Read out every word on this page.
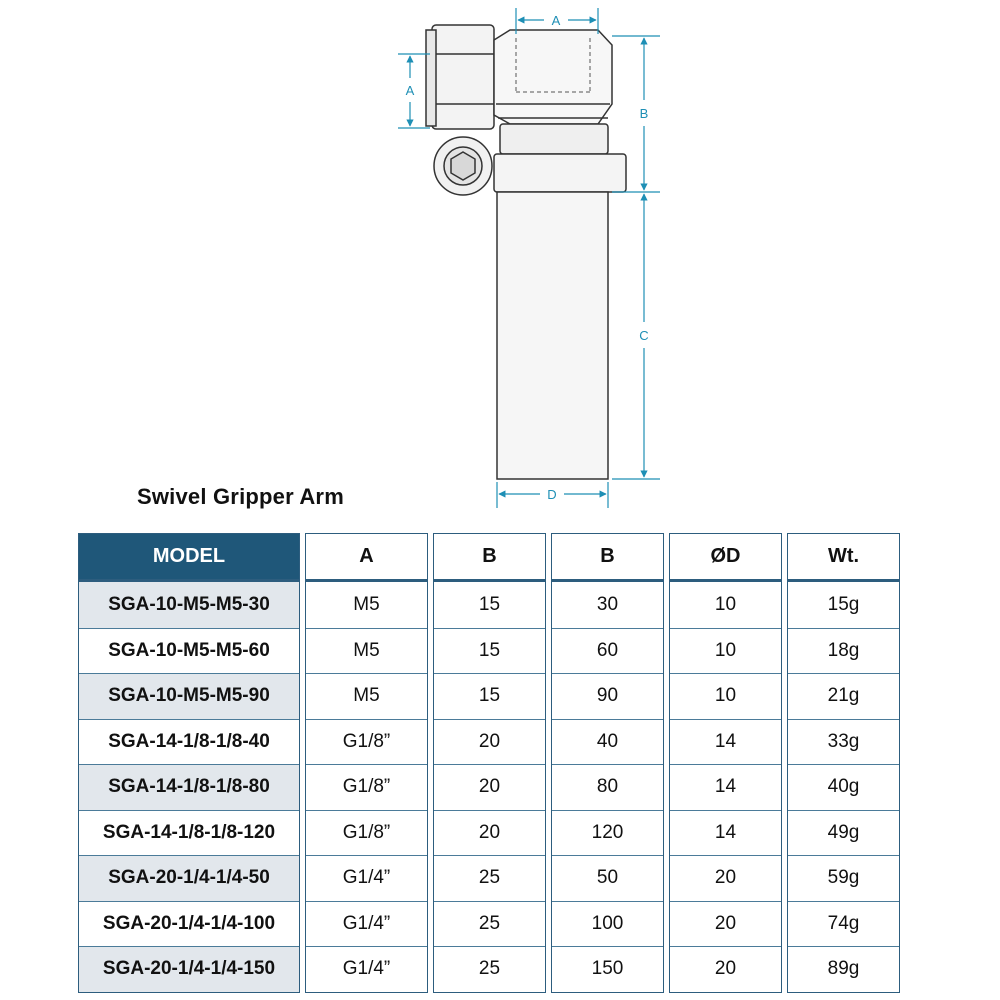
A
A
B
C
D
Swivel Gripper Arm
MODEL
SGA-10-M5-M5-30
SGA-10-M5-M5-60
SGA-10-M5-M5-90
SGA-14-1/8-1/8-40
SGA-14-1/8-1/8-80
SGA-14-1/8-1/8-120
SGA-20-1/4-1/4-50
SGA-20-1/4-1/4-100
SGA-20-1/4-1/4-150
A
M5
M5
M5
G1/8”
G1/8”
G1/8”
G1/4”
G1/4”
G1/4”
B
15
15
15
20
20
20
25
25
25
B
30
60
90
40
80
120
50
100
150
ØD
10
10
10
14
14
14
20
20
20
Wt.
15g
18g
21g
33g
40g
49g
59g
74g
89g
